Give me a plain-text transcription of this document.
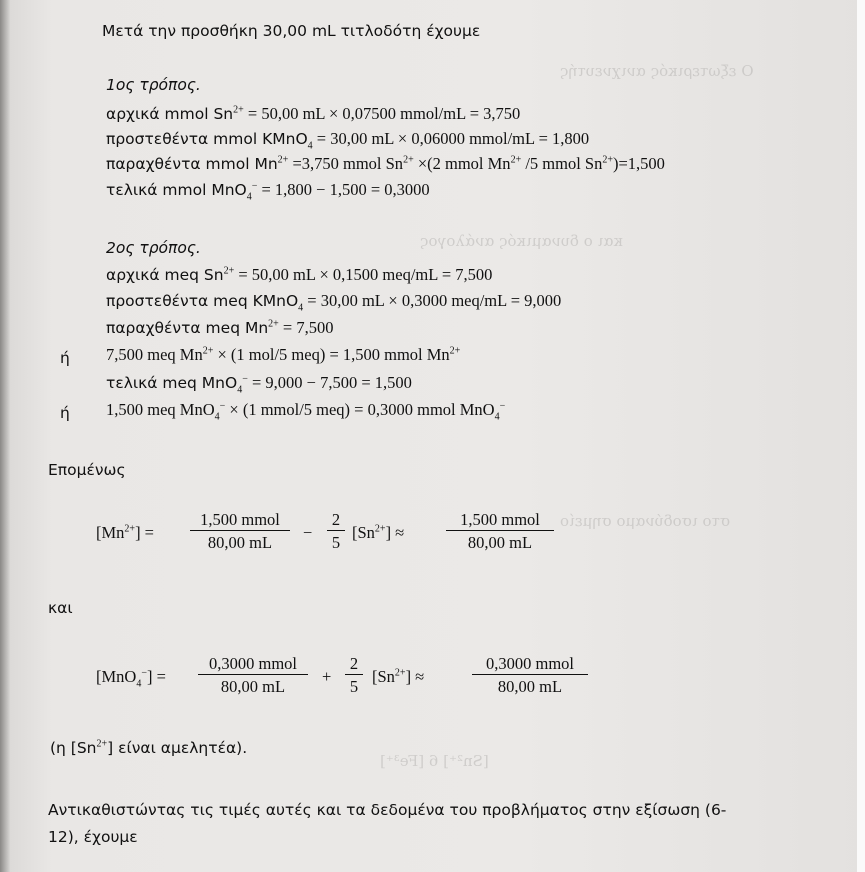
Ο εξωτερικός ανιχνευτής
και ο δυναμικός ανάλογος
στο ισοδύναμο σημείο
[Sn²⁺] 6 [Fe³⁺]
Μετά την προσθήκη 30,00 mL τιτλοδότη έχουμε
1ος τρόπος.
αρχικά mmol $Sn^{2+} = 50,00$ mL × 0,07500 mmol/mL = 3,750
προστεθέντα mmol KMnO$_4$ = 30,00 mL × 0,06000 mmol/mL = 1,800
παραχθέντα mmol $Mn^{2+} =3,750$ mmol $Sn^{2+} \times(2$ mmol $Mn^{2+}$ /5 mmol $Sn^{2+})=1,500$
τελικά mmol MnO$_4$− = 1,800 − 1,500 = 0,3000
2ος τρόπος.
αρχικά meq $Sn^{2+} = 50,00$ mL × 0,1500 meq/mL = 7,500
προστεθέντα meq KMnO$_4$ = 30,00 mL × 0,3000 meq/mL = 9,000
παραχθέντα meq $Mn^{2+} = 7,500$
ή 7,500 meq $Mn^{2+} \times (1$ mol/5 meq) = 1,500 mmol $Mn^{2+}$
τελικά meq MnO$_4$− = 9,000 − 7,500 = 1,500
ή 1,500 meq MnO$_4$− × (1 mmol/5 meq) = 0,3000 mmol MnO$_4$−
Επομένως
$[Mn^{2+}]$ =
1,500 mmol
80,00 mL
− $\frac{2}{5} [Sn^{2+}]$ ≈
1,500 mmol
80,00 mL
και
[MnO$_4$−] =
0,3000 mmol
80,00 mL
+ $\frac{2}{5} [Sn^{2+}]$ ≈
0,3000 mmol
80,00 mL
(η $[Sn^{2+}]$ είναι αμελητέα).
Αντικαθιστώντας τις τιμές αυτές και τα δεδομένα του προβλήματος στην εξίσωση (6-
12), έχουμε
